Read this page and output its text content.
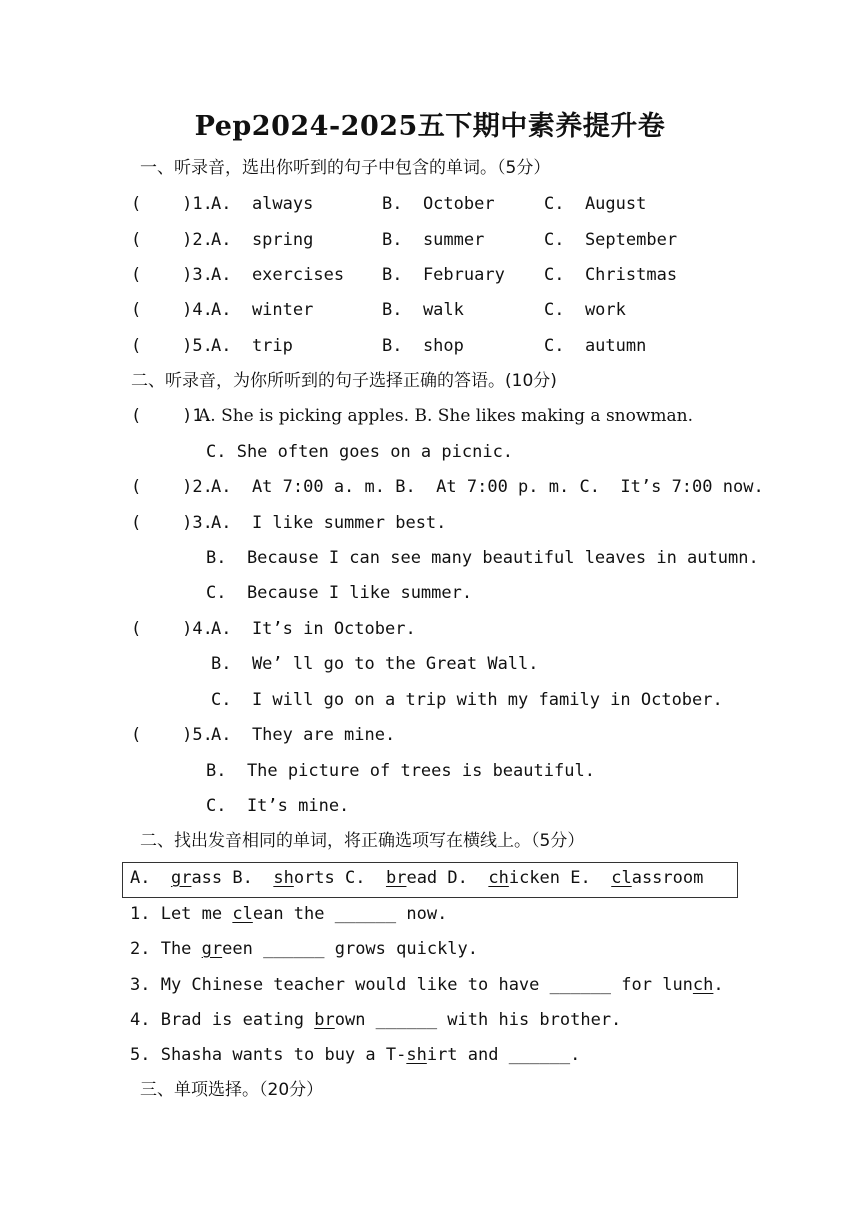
Pep2024-2025五下期中素养提升卷
一、听录音，选出你听到的句子中包含的单词。（5分）
(    )1.
A.  always	B.  October	C.  August
(    )2.
A.  spring	B.  summer	C.  September
(    )3.
A.  exercises B.  February C.  Christmas
(    )4.
A.  winter	B.  walk	C.  work
(    )5.
A.  trip	B.  shop	C.  autumn
二、听录音，为你所听到的句子选择正确的答语。(10分)
(    )1.
A. She is picking apples. B. She likes making a snowman.
C. She often goes on a picnic.
(    )2.
A.  At 7:00 a. m. B.  At 7:00 p. m. C.  It’s 7:00 now.
(    )3.
A.  I like summer best.
B.  Because I can see many beautiful leaves in autumn.
C.  Because I like summer.
(    )4.
A.  It’s in October.
B.  We’ ll go to the Great Wall.
C.  I will go on a trip with my family in October.
(    )5.
A.  They are mine.
B.  The picture of trees is beautiful.
C.  It’s mine.
二、找出发音相同的单词，将正确选项写在横线上。（5分）
A.  grass B.  shorts C.  bread D.  chicken E.  classroom
1. Let me clean the ______ now.
2. The green ______ grows quickly.
3. My Chinese teacher would like to have ______ for lunch.
4. Brad is eating brown ______ with his brother.
5. Shasha wants to buy a T-shirt and ______.
三、单项选择。（20分）
